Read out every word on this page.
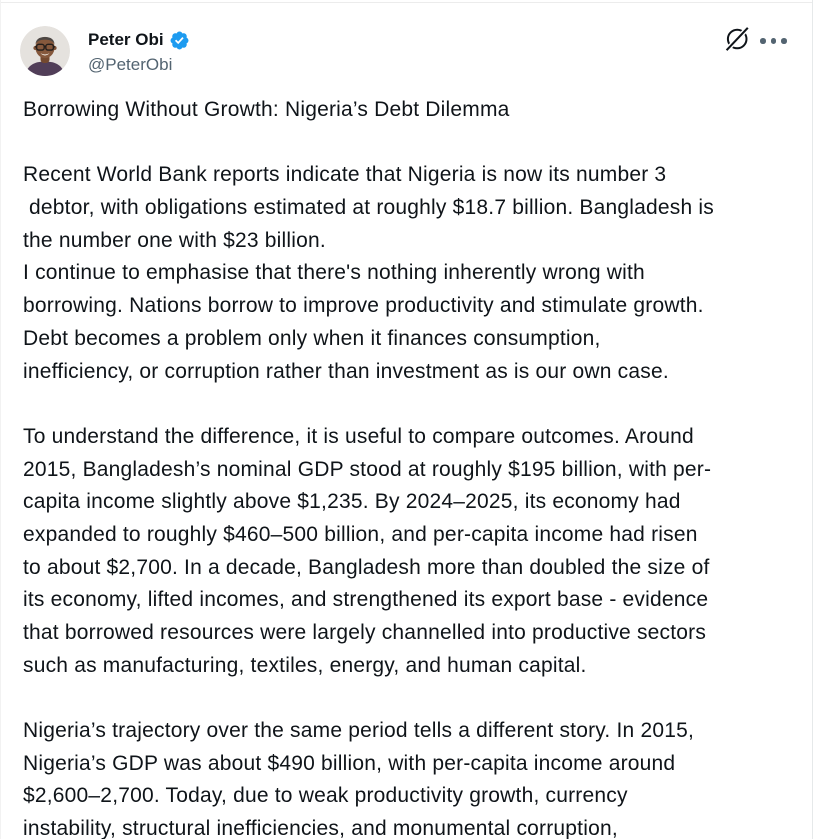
Peter Obi
@PeterObi
Borrowing Without Growth: Nigeria’s Debt Dilemma

Recent World Bank reports indicate that Nigeria is now its number 3
debtor, with obligations estimated at roughly $18.7 billion. Bangladesh is
the number one with $23 billion.
I continue to emphasise that there's nothing inherently wrong with
borrowing. Nations borrow to improve productivity and stimulate growth.
Debt becomes a problem only when it finances consumption,
inefficiency, or corruption rather than investment as is our own case.

To understand the difference, it is useful to compare outcomes. Around
2015, Bangladesh’s nominal GDP stood at roughly $195 billion, with per-
capita income slightly above $1,235. By 2024–2025, its economy had
expanded to roughly $460–500 billion, and per-capita income had risen
to about $2,700. In a decade, Bangladesh more than doubled the size of
its economy, lifted incomes, and strengthened its export base - evidence
that borrowed resources were largely channelled into productive sectors
such as manufacturing, textiles, energy, and human capital.

Nigeria’s trajectory over the same period tells a different story. In 2015,
Nigeria’s GDP was about $490 billion, with per-capita income around
$2,600–2,700. Today, due to weak productivity growth, currency
instability, structural inefficiencies, and monumental corruption,
